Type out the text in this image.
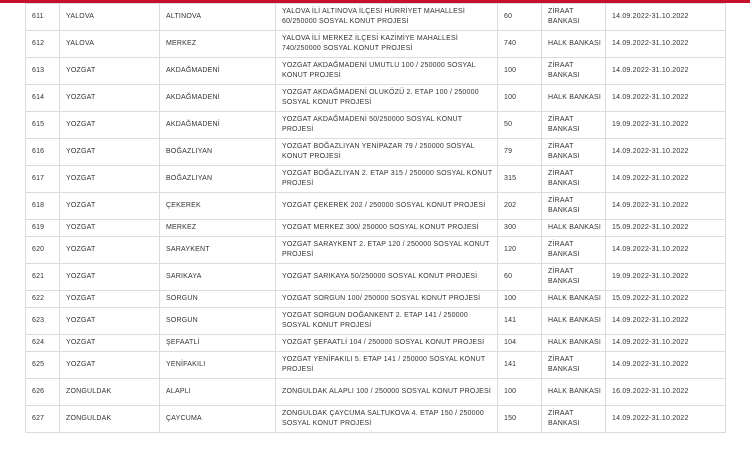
611	YALOVA	ALTINOVA	YALOVA İLİ ALTINOVA İLÇESİ HÜRRİYET MAHALLESİ 60/250000 SOSYAL KONUT PROJESİ	60	ZİRAAT BANKASI	14.09.2022-31.10.2022
612	YALOVA	MERKEZ	YALOVA İLİ MERKEZ İLÇESİ KAZİMİYE MAHALLESİ 740/250000 SOSYAL KONUT PROJESİ	740	HALK BANKASI	14.09.2022-31.10.2022
613	YOZGAT	AKDAĞMADENİ	YOZGAT AKDAĞMADENİ UMUTLU 100 / 250000 SOSYAL KONUT PROJESİ	100	ZİRAAT BANKASI	14.09.2022-31.10.2022
614	YOZGAT	AKDAĞMADENİ	YOZGAT AKDAĞMADENİ OLUKÖZÜ 2. ETAP 100 / 250000 SOSYAL KONUT PROJESİ	100	HALK BANKASI	14.09.2022-31.10.2022
615	YOZGAT	AKDAĞMADENİ	YOZGAT AKDAĞMADENİ 50/250000 SOSYAL KONUT PROJESİ	50	ZİRAAT BANKASI	19.09.2022-31.10.2022
616	YOZGAT	BOĞAZLIYAN	YOZGAT BOĞAZLIYAN YENİPAZAR 79 / 250000 SOSYAL KONUT PROJESİ	79	ZİRAAT BANKASI	14.09.2022-31.10.2022
617	YOZGAT	BOĞAZLIYAN	YOZGAT BOĞAZLIYAN 2. ETAP 315 / 250000 SOSYAL KONUT PROJESİ	315	ZİRAAT BANKASI	14.09.2022-31.10.2022
618	YOZGAT	ÇEKEREK	YOZGAT ÇEKEREK 202 / 250000 SOSYAL KONUT PROJESİ	202	ZİRAAT BANKASI	14.09.2022-31.10.2022
619	YOZGAT	MERKEZ	YOZGAT MERKEZ 300/ 250000 SOSYAL KONUT PROJESİ	300	HALK BANKASI	15.09.2022-31.10.2022
620	YOZGAT	SARAYKENT	YOZGAT SARAYKENT 2. ETAP 120 / 250000 SOSYAL KONUT PROJESİ	120	ZİRAAT BANKASI	14.09.2022-31.10.2022
621	YOZGAT	SARIKAYA	YOZGAT SARIKAYA 50/250000 SOSYAL KONUT PROJESİ	60	ZİRAAT BANKASI	19.09.2022-31.10.2022
622	YOZGAT	SORGUN	YOZGAT SORGUN 100/ 250000 SOSYAL KONUT PROJESİ	100	HALK BANKASI	15.09.2022-31.10.2022
623	YOZGAT	SORGUN	YOZGAT SORGUN DOĞANKENT 2. ETAP 141 / 250000 SOSYAL KONUT PROJESİ	141	HALK BANKASI	14.09.2022-31.10.2022
624	YOZGAT	ŞEFAATLİ	YOZGAT ŞEFAATLİ 104 / 250000 SOSYAL KONUT PROJESİ	104	HALK BANKASI	14.09.2022-31.10.2022
625	YOZGAT	YENİFAKILI	YOZGAT YENİFAKILI 5. ETAP 141 / 250000 SOSYAL KONUT PROJESİ	141	ZİRAAT BANKASI	14.09.2022-31.10.2022
626	ZONGULDAK	ALAPLI	ZONGULDAK ALAPLI 100 / 250000 SOSYAL KONUT PROJESİ	100	HALK BANKASI	16.09.2022-31.10.2022
627	ZONGULDAK	ÇAYCUMA	ZONGULDAK ÇAYCUMA SALTUKOVA 4. ETAP 150 / 250000 SOSYAL KONUT PROJESİ	150	ZİRAAT BANKASI	14.09.2022-31.10.2022
